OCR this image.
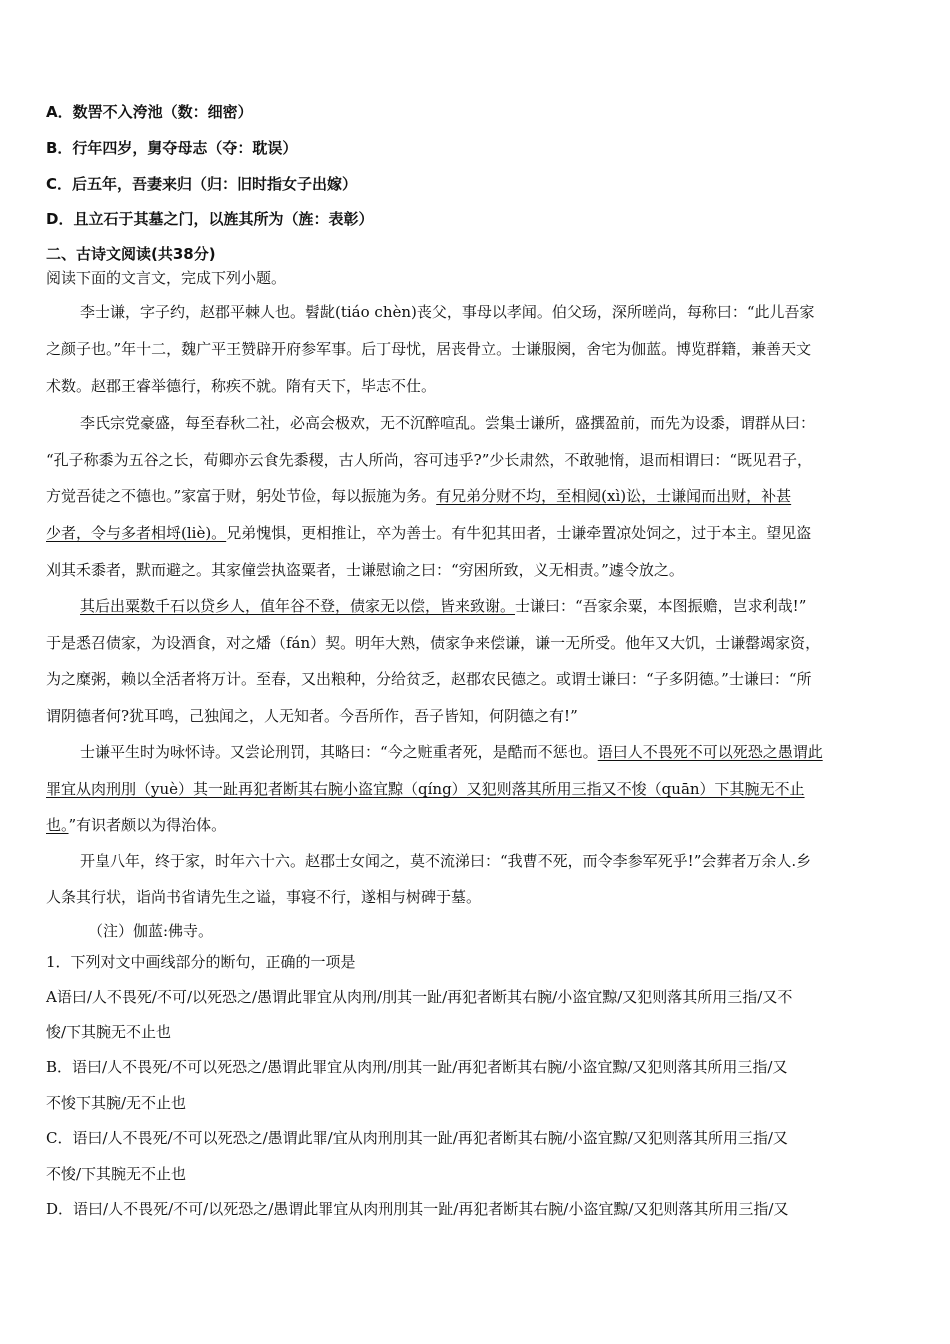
A．数罟不入洿池（数：细密）
B．行年四岁，舅夺母志（夺：耽误）
C．后五年，吾妻来归（归：旧时指女子出嫁）
D．且立石于其墓之门，以旌其所为（旌：表彰）
二、古诗文阅读(共38分)
阅读下面的文言文，完成下列小题。
李士谦，字子约，赵郡平棘人也。髫龀(tiáo chèn)丧父，事母以孝闻。伯父玚，深所嗟尚，每称曰：“此儿吾家
之颜子也。”年十二，魏广平王赞辟开府参军事。后丁母忧，居丧骨立。士谦服阕，舍宅为伽蓝。博览群籍，兼善天文
术数。赵郡王睿举德行，称疾不就。隋有天下，毕志不仕。
李氏宗党豪盛，每至春秋二社，必高会极欢，无不沉醉喧乱。尝集士谦所，盛撰盈前，而先为设黍，谓群从曰：
“孔子称黍为五谷之长，荀卿亦云食先黍稷，古人所尚，容可违乎?”少长肃然，不敢驰惰，退而相谓曰：“既见君子，
方觉吾徒之不德也。”家富于财，躬处节俭，每以振施为务。有兄弟分财不均，至相阋(xì)讼，士谦闻而出财，补甚
少者，令与多者相埒(liè)。兄弟愧惧，更相推让，卒为善士。有牛犯其田者，士谦牵置凉处饲之，过于本主。望见盗
刈其禾黍者，默而避之。其家僮尝执盗粟者，士谦慰谕之曰：“穷困所致，义无相责。”遽令放之。
其后出粟数千石以贷乡人，值年谷不登，债家无以偿，皆来致谢。士谦曰：“吾家余粟，本图振赡，岂求利哉!”
于是悉召债家，为设酒食，对之燔（fán）契。明年大熟，债家争来偿谦，谦一无所受。他年又大饥，士谦罄竭家资，
为之糜粥，赖以全活者将万计。至春，又出粮种，分给贫乏，赵郡农民德之。或谓士谦曰：“子多阴德。”士谦曰：“所
谓阴德者何?犹耳鸣，己独闻之，人无知者。今吾所作，吾子皆知，何阴德之有!”
士谦平生时为咏怀诗。又尝论刑罚，其略曰：“今之赃重者死，是酷而不惩也。语曰人不畏死不可以死恐之愚谓此
罪宜从肉刑刖（yuè）其一趾再犯者断其右腕小盗宜黥（qíng）又犯则落其所用三指又不悛（quān）下其腕无不止
也。”有识者颇以为得治体。
开皇八年，终于家，时年六十六。赵郡士女闻之，莫不流涕曰：“我曹不死，而令李参军死乎!”会葬者万余人.乡
人条其行状，诣尚书省请先生之谥，事寝不行，遂相与树碑于墓。
（注）伽蓝:佛寺。
1．下列对文中画线部分的断句，正确的一项是
A语曰/人不畏死/不可/以死恐之/愚谓此罪宜从肉刑/刖其一趾/再犯者断其右腕/小盗宜黥/又犯则落其所用三指/又不
悛/下其腕无不止也
B．语曰/人不畏死/不可以死恐之/愚谓此罪宜从肉刑/刖其一趾/再犯者断其右腕/小盗宜黥/又犯则落其所用三指/又
不悛下其腕/无不止也
C．语曰/人不畏死/不可以死恐之/愚谓此罪/宜从肉刑刖其一趾/再犯者断其右腕/小盗宜黥/又犯则落其所用三指/又
不悛/下其腕无不止也
D．语曰/人不畏死/不可/以死恐之/愚谓此罪宜从肉刑刖其一趾/再犯者断其右腕/小盗宜黥/又犯则落其所用三指/又
